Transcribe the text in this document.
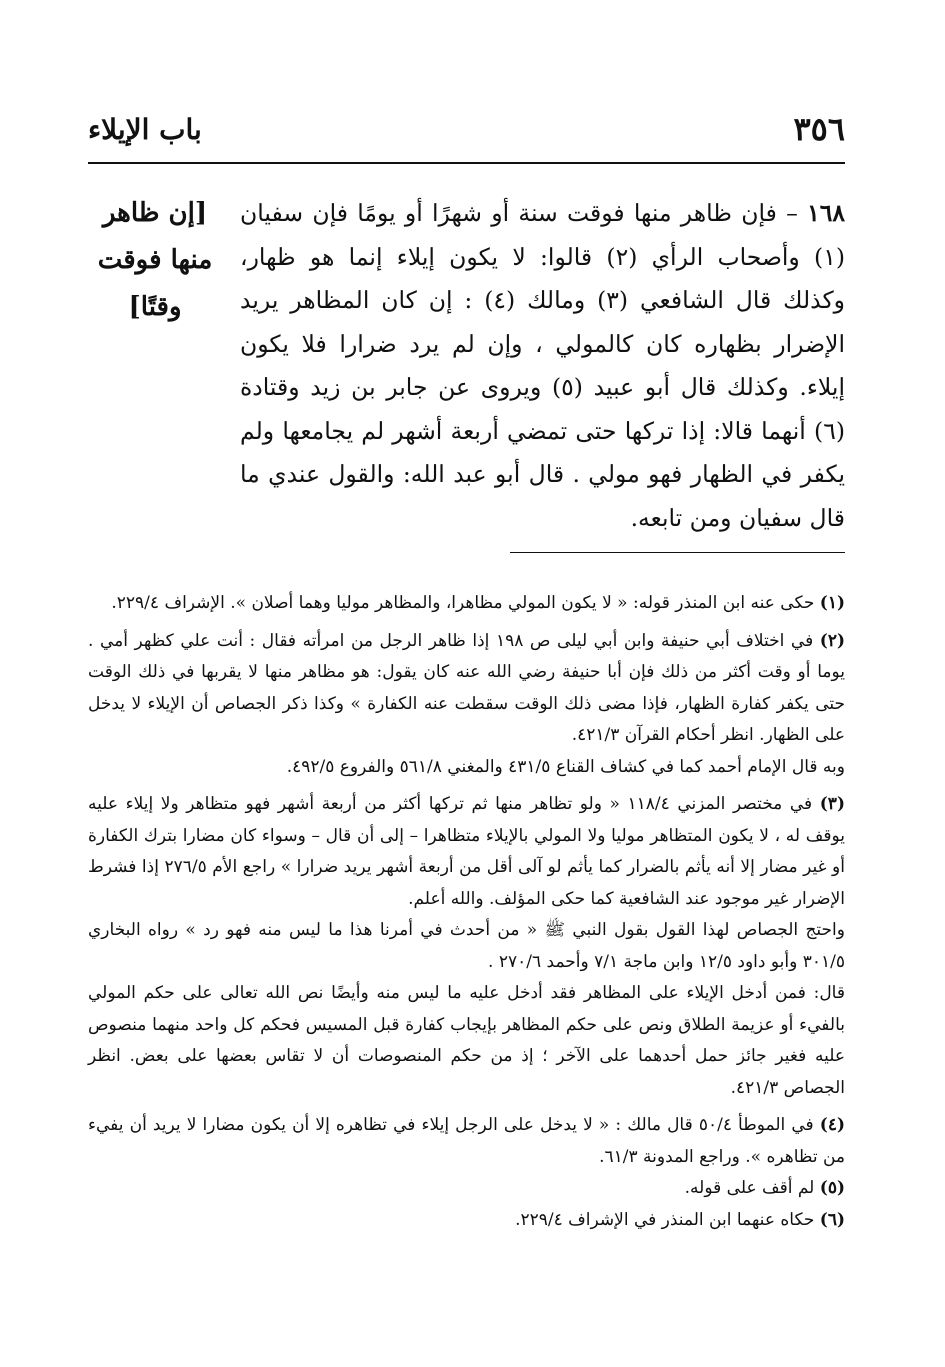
٣٥٦
باب الإيلاء
[إن ظاهر
منها فوقت
وقتًا]
١٦٨ – فإن ظاهر منها فوقت سنة أو شهرًا أو يومًا فإن سفيان (١) وأصحاب الرأي (٢) قالوا: لا يكون إيلاء إنما هو ظهار، وكذلك قال الشافعي (٣) ومالك (٤) : إن كان المظاهر يريد الإضرار بظهاره كان كالمولي ، وإن لم يرد ضرارا فلا يكون إيلاء. وكذلك قال أبو عبيد (٥) ويروى عن جابر بن زيد وقتادة (٦) أنهما قالا: إذا تركها حتى تمضي أربعة أشهر لم يجامعها ولم يكفر في الظهار فهو مولي . قال أبو عبد الله: والقول عندي ما قال سفيان ومن تابعه.

(١) حكى عنه ابن المنذر قوله: « لا يكون المولي مظاهرا، والمظاهر موليا وهما أصلان ». الإشراف ٢٢٩/٤.

(٢) في اختلاف أبي حنيفة وابن أبي ليلى ص ١٩٨ إذا ظاهر الرجل من امرأته فقال : أنت علي كظهر أمي . يوما أو وقت أكثر من ذلك فإن أبا حنيفة رضي الله عنه كان يقول: هو مظاهر منها لا يقربها في ذلك الوقت حتى يكفر كفارة الظهار، فإذا مضى ذلك الوقت سقطت عنه الكفارة » وكذا ذكر الجصاص أن الإيلاء لا يدخل على الظهار. انظر أحكام القرآن ٤٢١/٣.

وبه قال الإمام أحمد كما في كشاف القناع ٤٣١/٥ والمغني ٥٦١/٨ والفروع ٤٩٢/٥.

(٣) في مختصر المزني ١١٨/٤ « ولو تظاهر منها ثم تركها أكثر من أربعة أشهر فهو متظاهر ولا إيلاء عليه يوقف له ، لا يكون المتظاهر موليا ولا المولي بالإيلاء متظاهرا – إلى أن قال – وسواء كان مضارا بترك الكفارة أو غير مضار إلا أنه يأثم بالضرار كما يأثم لو آلى أقل من أربعة أشهر يريد ضرارا » راجع الأم ٢٧٦/٥ إذا فشرط الإضرار غير موجود عند الشافعية كما حكى المؤلف. والله أعلم.

واحتج الجصاص لهذا القول بقول النبي ﷺ « من أحدث في أمرنا هذا ما ليس منه فهو رد » رواه البخاري ٣٠١/٥ وأبو داود ١٢/٥ وابن ماجة ٧/١ وأحمد ٢٧٠/٦ .

قال: فمن أدخل الإيلاء على المظاهر فقد أدخل عليه ما ليس منه وأيضًا نص الله تعالى على حكم المولي بالفيء أو عزيمة الطلاق ونص على حكم المظاهر بإيجاب كفارة قبل المسيس فحكم كل واحد منهما منصوص عليه فغير جائز حمل أحدهما على الآخر ؛ إذ من حكم المنصوصات أن لا تقاس بعضها على بعض. انظر الجصاص ٤٢١/٣.

(٤) في الموطأ ٥٠/٤ قال مالك : « لا يدخل على الرجل إيلاء في تظاهره إلا أن يكون مضارا لا يريد أن يفيء من تظاهره ». وراجع المدونة ٦١/٣.

(٥) لم أقف على قوله.

(٦) حكاه عنهما ابن المنذر في الإشراف ٢٢٩/٤.
